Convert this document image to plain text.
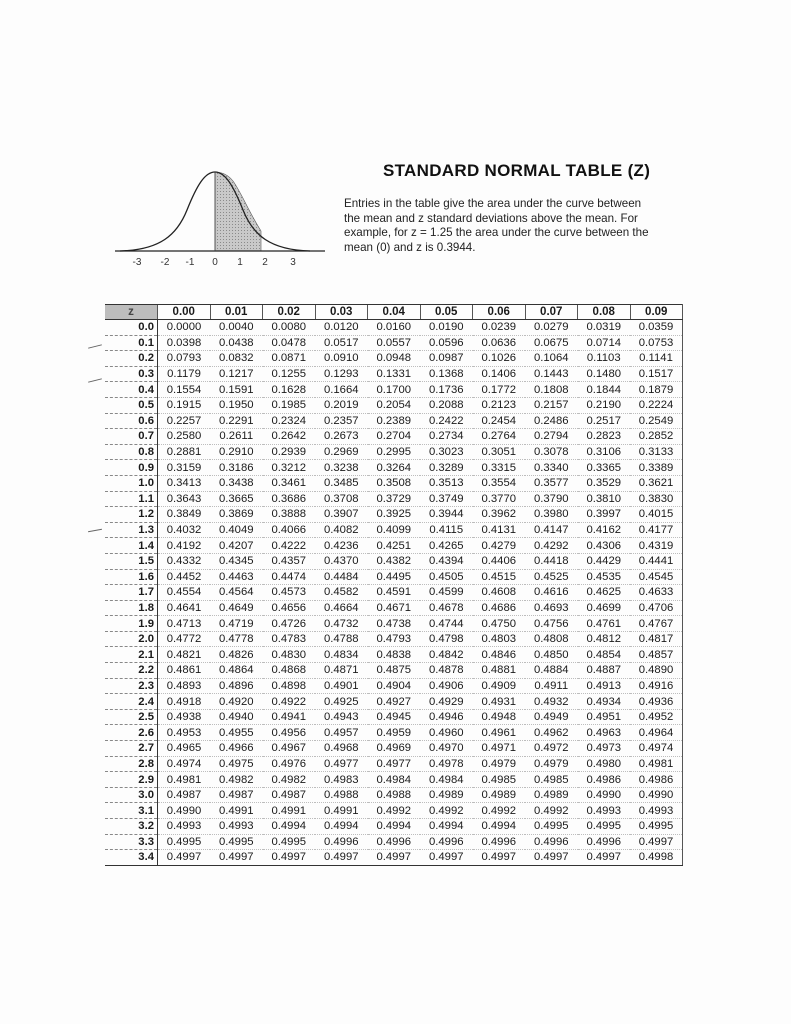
-3 -2 -1 0 1 2 3
STANDARD NORMAL TABLE (Z)
Entries in the table give the area under the curve between the mean and z standard deviations above the mean. For example, for z = 1.25 the area under the curve between the mean (0) and z is 0.3944.
z	0.00	0.01	0.02	0.03	0.04	0.05	0.06	0.07	0.08	0.09
0.0	0.0000	0.0040	0.0080	0.0120	0.0160	0.0190	0.0239	0.0279	0.0319	0.0359
0.1	0.0398	0.0438	0.0478	0.0517	0.0557	0.0596	0.0636	0.0675	0.0714	0.0753
0.2	0.0793	0.0832	0.0871	0.0910	0.0948	0.0987	0.1026	0.1064	0.1103	0.1141
0.3	0.1179	0.1217	0.1255	0.1293	0.1331	0.1368	0.1406	0.1443	0.1480	0.1517
0.4	0.1554	0.1591	0.1628	0.1664	0.1700	0.1736	0.1772	0.1808	0.1844	0.1879
0.5	0.1915	0.1950	0.1985	0.2019	0.2054	0.2088	0.2123	0.2157	0.2190	0.2224
0.6	0.2257	0.2291	0.2324	0.2357	0.2389	0.2422	0.2454	0.2486	0.2517	0.2549
0.7	0.2580	0.2611	0.2642	0.2673	0.2704	0.2734	0.2764	0.2794	0.2823	0.2852
0.8	0.2881	0.2910	0.2939	0.2969	0.2995	0.3023	0.3051	0.3078	0.3106	0.3133
0.9	0.3159	0.3186	0.3212	0.3238	0.3264	0.3289	0.3315	0.3340	0.3365	0.3389
1.0	0.3413	0.3438	0.3461	0.3485	0.3508	0.3513	0.3554	0.3577	0.3529	0.3621
1.1	0.3643	0.3665	0.3686	0.3708	0.3729	0.3749	0.3770	0.3790	0.3810	0.3830
1.2	0.3849	0.3869	0.3888	0.3907	0.3925	0.3944	0.3962	0.3980	0.3997	0.4015
1.3	0.4032	0.4049	0.4066	0.4082	0.4099	0.4115	0.4131	0.4147	0.4162	0.4177
1.4	0.4192	0.4207	0.4222	0.4236	0.4251	0.4265	0.4279	0.4292	0.4306	0.4319
1.5	0.4332	0.4345	0.4357	0.4370	0.4382	0.4394	0.4406	0.4418	0.4429	0.4441
1.6	0.4452	0.4463	0.4474	0.4484	0.4495	0.4505	0.4515	0.4525	0.4535	0.4545
1.7	0.4554	0.4564	0.4573	0.4582	0.4591	0.4599	0.4608	0.4616	0.4625	0.4633
1.8	0.4641	0.4649	0.4656	0.4664	0.4671	0.4678	0.4686	0.4693	0.4699	0.4706
1.9	0.4713	0.4719	0.4726	0.4732	0.4738	0.4744	0.4750	0.4756	0.4761	0.4767
2.0	0.4772	0.4778	0.4783	0.4788	0.4793	0.4798	0.4803	0.4808	0.4812	0.4817
2.1	0.4821	0.4826	0.4830	0.4834	0.4838	0.4842	0.4846	0.4850	0.4854	0.4857
2.2	0.4861	0.4864	0.4868	0.4871	0.4875	0.4878	0.4881	0.4884	0.4887	0.4890
2.3	0.4893	0.4896	0.4898	0.4901	0.4904	0.4906	0.4909	0.4911	0.4913	0.4916
2.4	0.4918	0.4920	0.4922	0.4925	0.4927	0.4929	0.4931	0.4932	0.4934	0.4936
2.5	0.4938	0.4940	0.4941	0.4943	0.4945	0.4946	0.4948	0.4949	0.4951	0.4952
2.6	0.4953	0.4955	0.4956	0.4957	0.4959	0.4960	0.4961	0.4962	0.4963	0.4964
2.7	0.4965	0.4966	0.4967	0.4968	0.4969	0.4970	0.4971	0.4972	0.4973	0.4974
2.8	0.4974	0.4975	0.4976	0.4977	0.4977	0.4978	0.4979	0.4979	0.4980	0.4981
2.9	0.4981	0.4982	0.4982	0.4983	0.4984	0.4984	0.4985	0.4985	0.4986	0.4986
3.0	0.4987	0.4987	0.4987	0.4988	0.4988	0.4989	0.4989	0.4989	0.4990	0.4990
3.1	0.4990	0.4991	0.4991	0.4991	0.4992	0.4992	0.4992	0.4992	0.4993	0.4993
3.2	0.4993	0.4993	0.4994	0.4994	0.4994	0.4994	0.4994	0.4995	0.4995	0.4995
3.3	0.4995	0.4995	0.4995	0.4996	0.4996	0.4996	0.4996	0.4996	0.4996	0.4997
3.4	0.4997	0.4997	0.4997	0.4997	0.4997	0.4997	0.4997	0.4997	0.4997	0.4998
